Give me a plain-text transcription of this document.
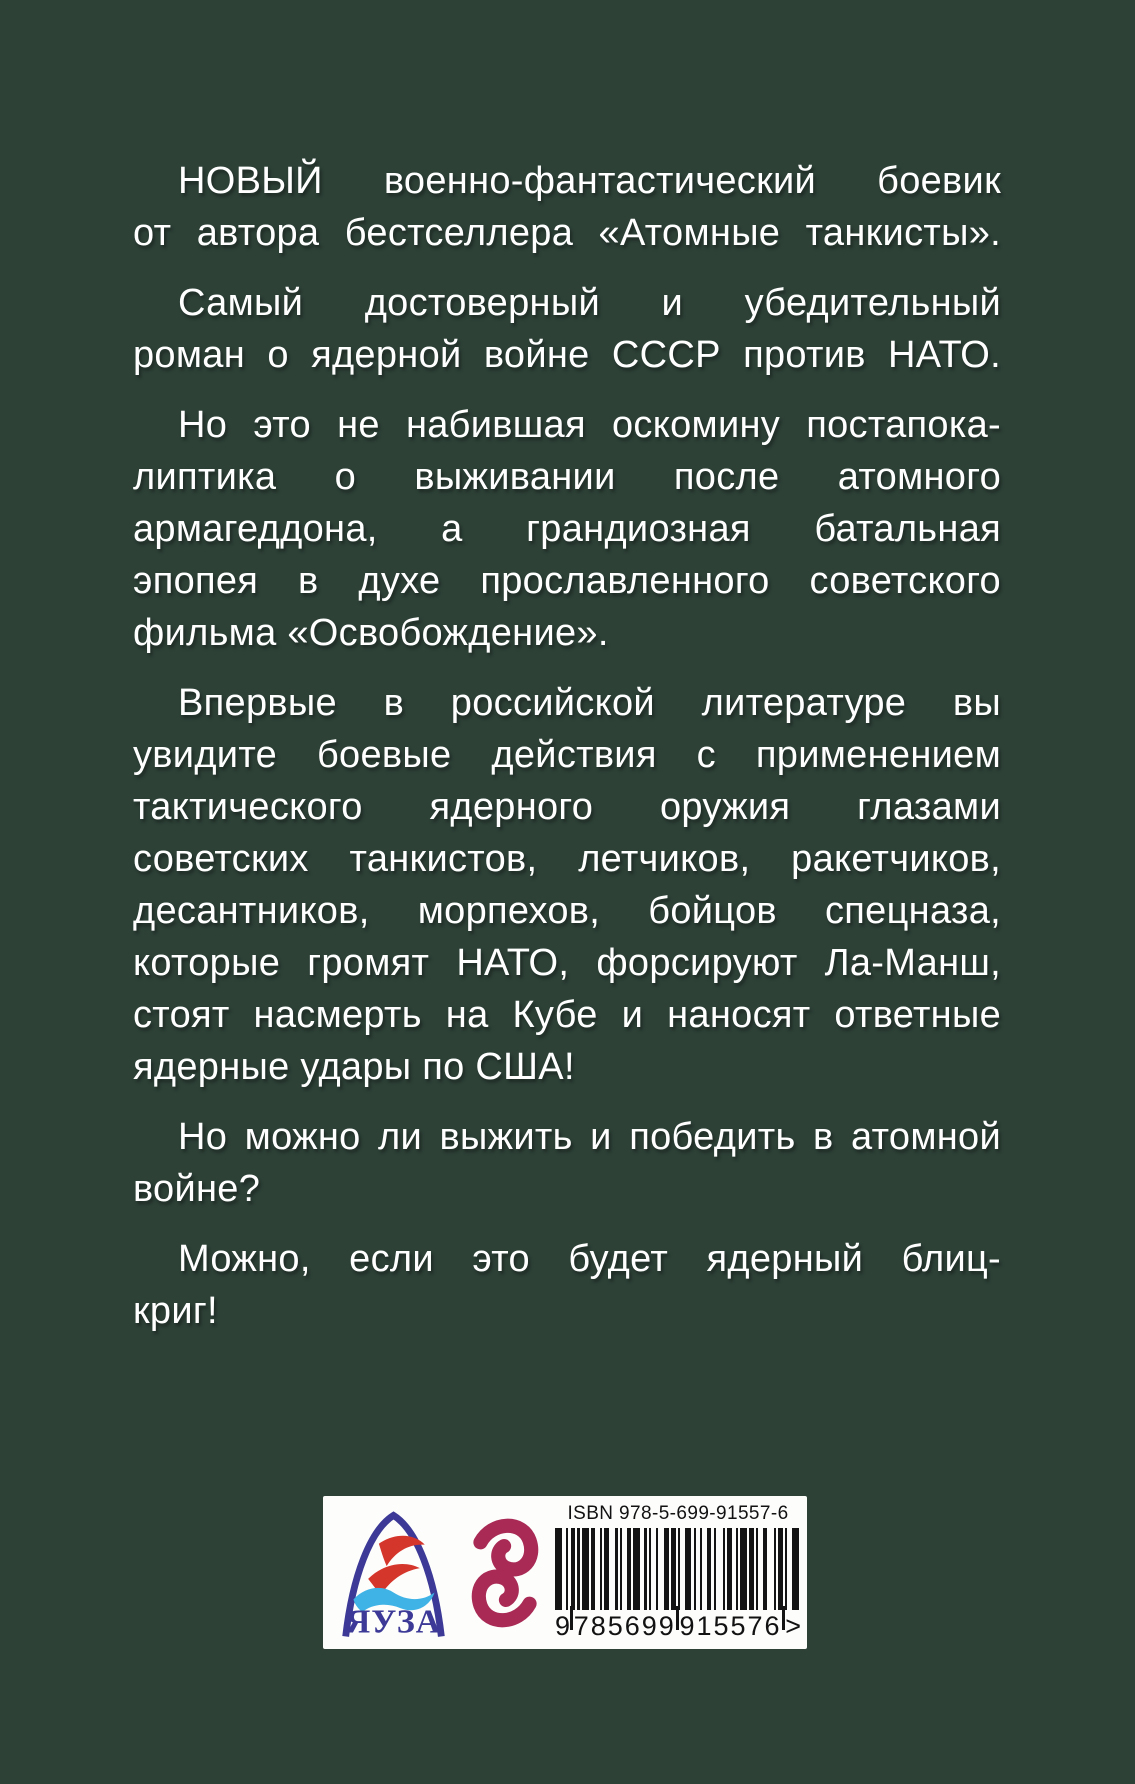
НОВЫЙ военно-фантастический боевик
от автора бестселлера «Атомные танкисты».
Самый достоверный и убедительный
роман о ядерной войне СССР против НАТО.
Но это не набившая оскомину постапока-
липтика о выживании после атомного
армагеддона, а грандиозная батальная
эпопея в духе прославленного советского
фильма «Освобождение».
Впервые в российской литературе вы
увидите боевые действия с применением
тактического ядерного оружия глазами
советских танкистов, летчиков, ракетчиков,
десантников, морпехов, бойцов спецназа,
которые громят НАТО, форсируют Ла-Манш,
стоят насмерть на Кубе и наносят ответные
ядерные удары по США!
Но можно ли выжить и победить в атомной
войне?
Можно, если это будет ядерный блиц-
криг!
ЯУЗА
ISBN 978-5-699-91557-6
9 785699 915576 >
